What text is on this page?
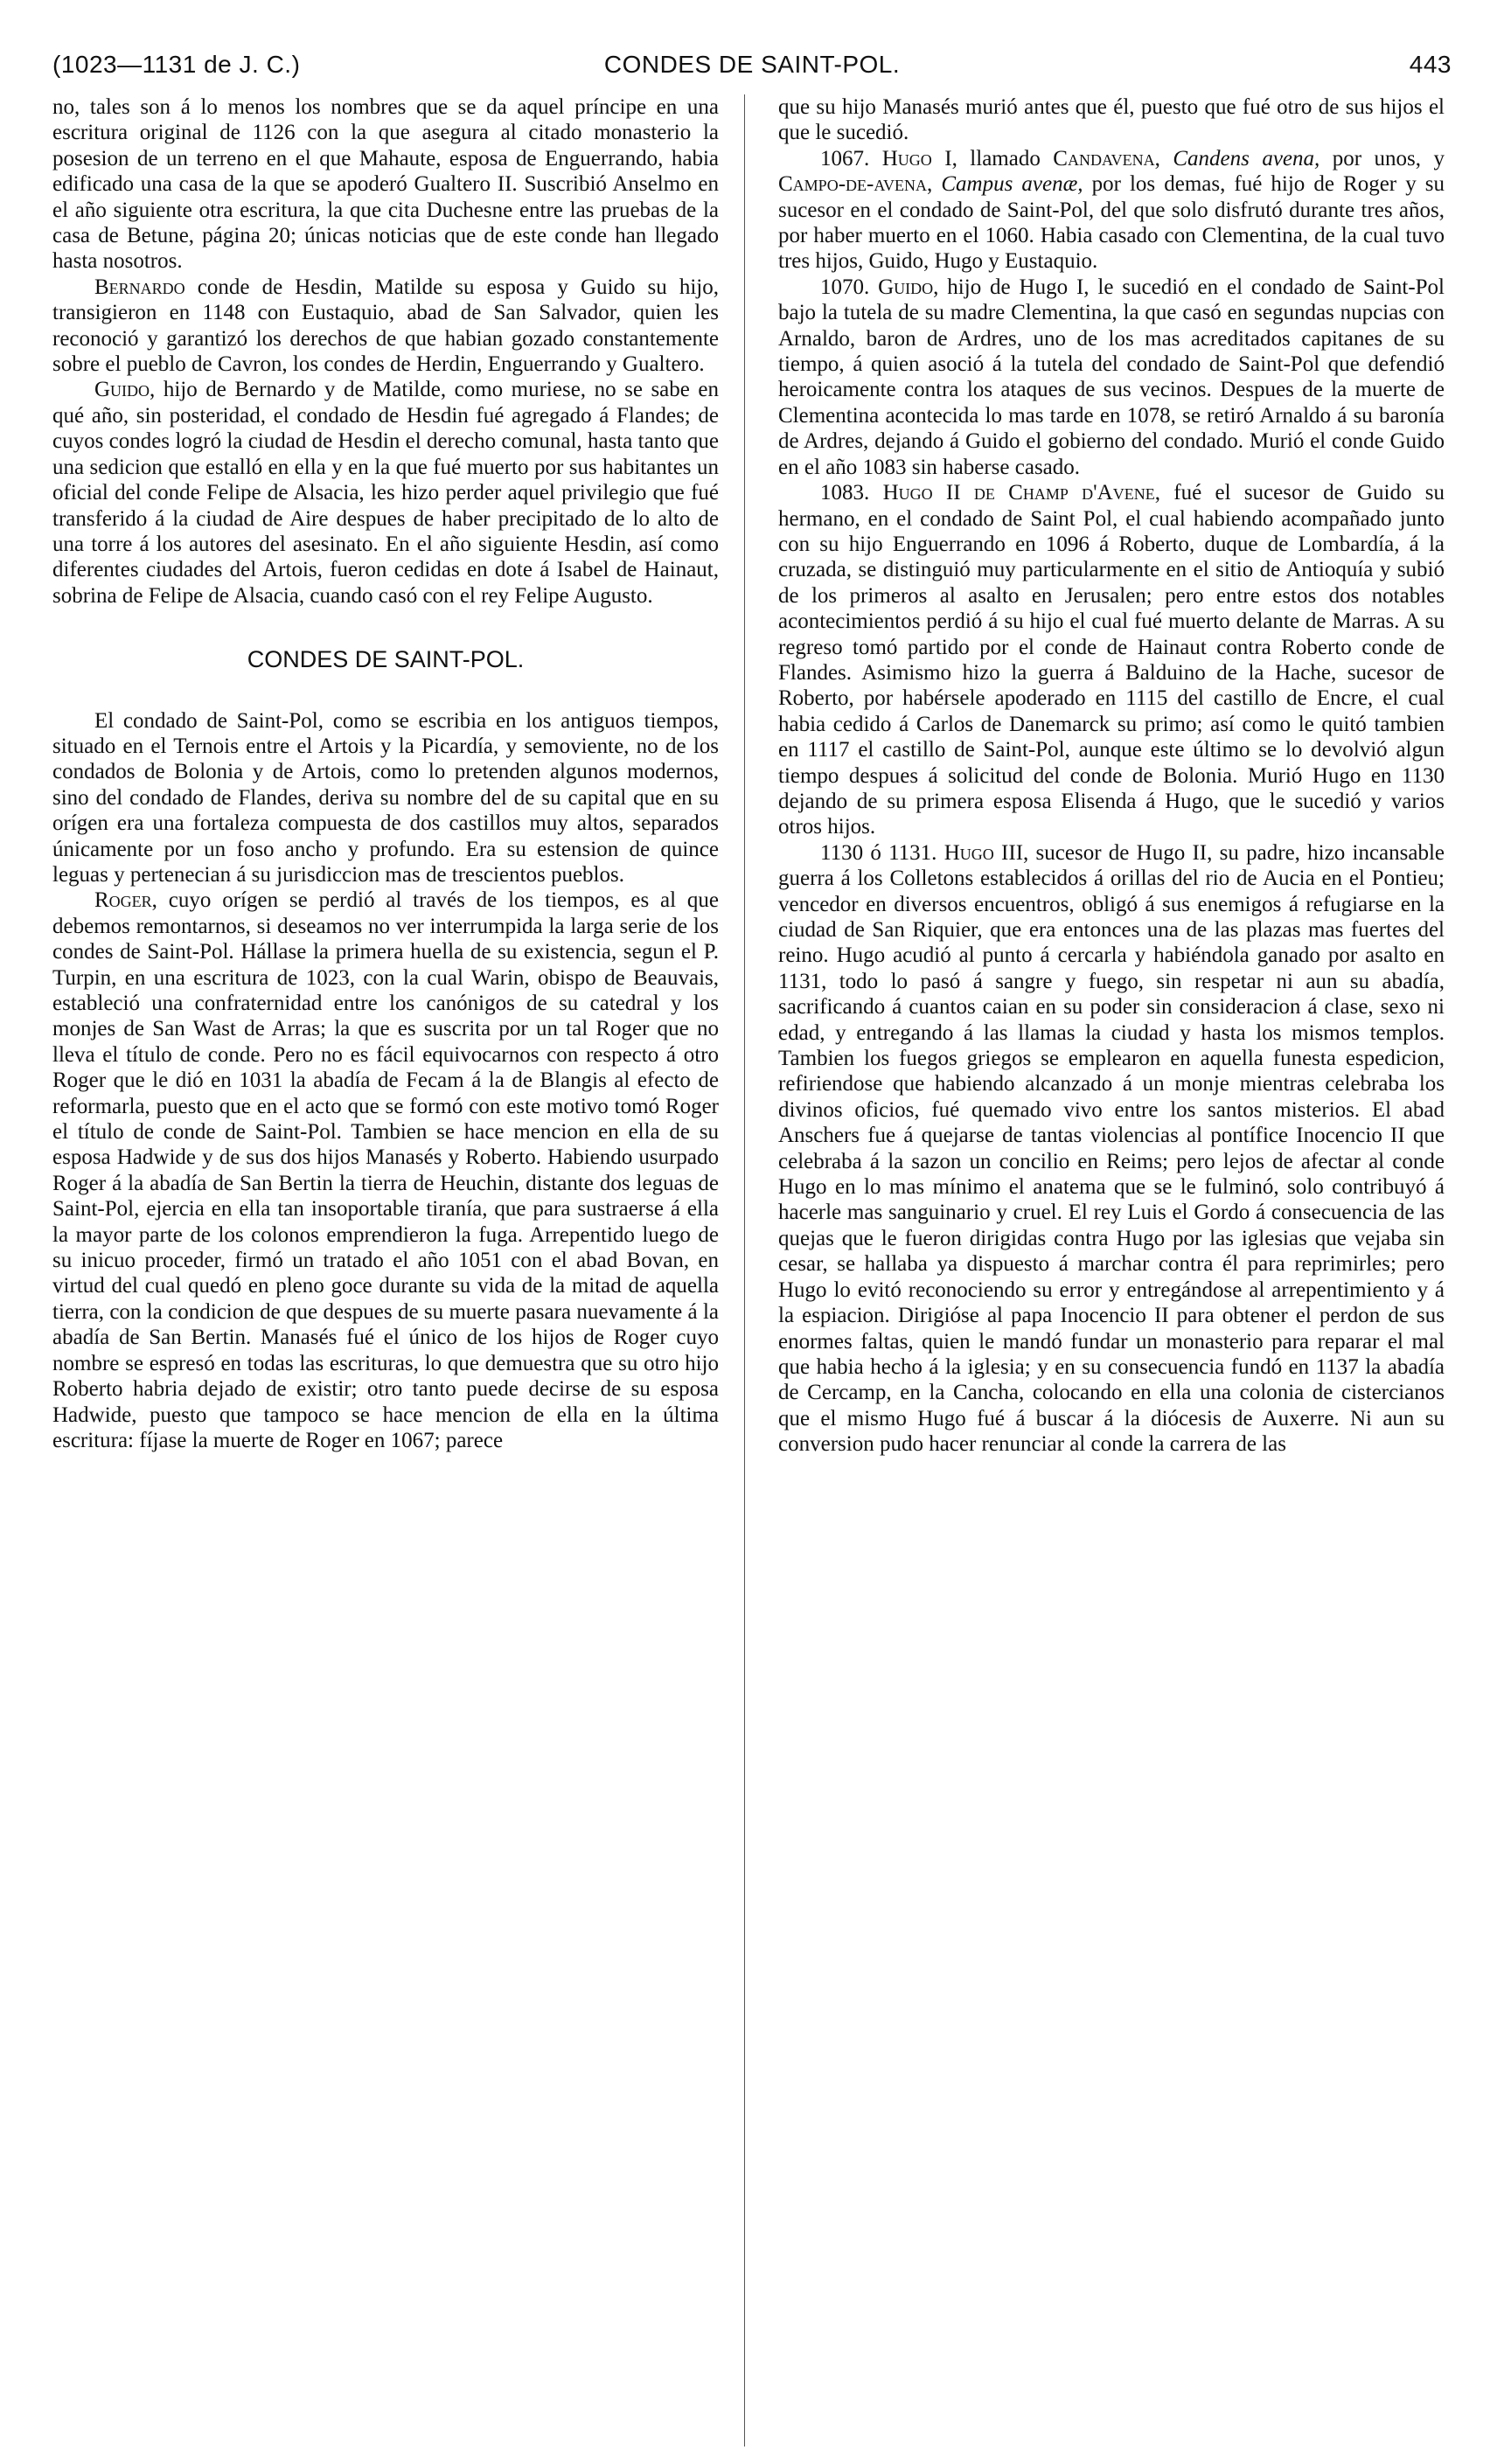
(1023—1131 de J. C.)	CONDES DE SAINT-POL.	443

no, tales son á lo menos los nombres que se da aquel príncipe en una escritura original de 1126 con la que asegura al citado monasterio la posesion de un terreno en el que Mahaute, esposa de Enguerrando, habia edificado una casa de la que se apoderó Gualtero II. Suscribió Anselmo en el año siguiente otra escritura, la que cita Duchesne entre las pruebas de la casa de Betune, página 20; únicas noticias que de este conde han llegado hasta nosotros.

Bernardo conde de Hesdin, Matilde su esposa y Guido su hijo, transigieron en 1148 con Eustaquio, abad de San Salvador, quien les reconoció y garantizó los derechos de que habian gozado constantemente sobre el pueblo de Cavron, los condes de Herdin, Enguerrando y Gualtero.

Guido, hijo de Bernardo y de Matilde, como muriese, no se sabe en qué año, sin posteridad, el condado de Hesdin fué agregado á Flandes; de cuyos condes logró la ciudad de Hesdin el derecho comunal, hasta tanto que una sedicion que estalló en ella y en la que fué muerto por sus habitantes un oficial del conde Felipe de Alsacia, les hizo perder aquel privilegio que fué transferido á la ciudad de Aire despues de haber precipitado de lo alto de una torre á los autores del asesinato. En el año siguiente Hesdin, así como diferentes ciudades del Artois, fueron cedidas en dote á Isabel de Hainaut, sobrina de Felipe de Alsacia, cuando casó con el rey Felipe Augusto.

CONDES DE SAINT-POL.

El condado de Saint-Pol, como se escribia en los antiguos tiempos, situado en el Ternois entre el Artois y la Picardía, y semoviente, no de los condados de Bolonia y de Artois, como lo pretenden algunos modernos, sino del condado de Flandes, deriva su nombre del de su capital que en su orígen era una fortaleza compuesta de dos castillos muy altos, separados únicamente por un foso ancho y profundo. Era su estension de quince leguas y pertenecian á su jurisdiccion mas de trescientos pueblos.

Roger, cuyo orígen se perdió al través de los tiempos, es al que debemos remontarnos, si deseamos no ver interrumpida la larga serie de los condes de Saint-Pol. Hállase la primera huella de su existencia, segun el P. Turpin, en una escritura de 1023, con la cual Warin, obispo de Beauvais, estableció una confraternidad entre los canónigos de su catedral y los monjes de San Wast de Arras; la que es suscrita por un tal Roger que no lleva el título de conde. Pero no es fácil equivocarnos con respecto á otro Roger que le dió en 1031 la abadía de Fecam á la de Blangis al efecto de reformarla, puesto que en el acto que se formó con este motivo tomó Roger el título de conde de Saint-Pol. Tambien se hace mencion en ella de su esposa Hadwide y de sus dos hijos Manasés y Roberto. Habiendo usurpado Roger á la abadía de San Bertin la tierra de Heuchin, distante dos leguas de Saint-Pol, ejercia en ella tan insoportable tiranía, que para sustraerse á ella la mayor parte de los colonos emprendieron la fuga. Arrepentido luego de su inicuo proceder, firmó un tratado el año 1051 con el abad Bovan, en virtud del cual quedó en pleno goce durante su vida de la mitad de aquella tierra, con la condicion de que despues de su muerte pasara nuevamente á la abadía de San Bertin. Manasés fué el único de los hijos de Roger cuyo nombre se espresó en todas las escrituras, lo que demuestra que su otro hijo Roberto habria dejado de existir; otro tanto puede decirse de su esposa Hadwide, puesto que tampoco se hace mencion de ella en la última escritura: fíjase la muerte de Roger en 1067; parece

que su hijo Manasés murió antes que él, puesto que fué otro de sus hijos el que le sucedió.

1067. Hugo I, llamado Candavena, Candens avena, por unos, y Campo-de-avena, Campus avenæ, por los demas, fué hijo de Roger y su sucesor en el condado de Saint-Pol, del que solo disfrutó durante tres años, por haber muerto en el 1060. Habia casado con Clementina, de la cual tuvo tres hijos, Guido, Hugo y Eustaquio.

1070. Guido, hijo de Hugo I, le sucedió en el condado de Saint-Pol bajo la tutela de su madre Clementina, la que casó en segundas nupcias con Arnaldo, baron de Ardres, uno de los mas acreditados capitanes de su tiempo, á quien asoció á la tutela del condado de Saint-Pol que defendió heroicamente contra los ataques de sus vecinos. Despues de la muerte de Clementina acontecida lo mas tarde en 1078, se retiró Arnaldo á su baronía de Ardres, dejando á Guido el gobierno del condado. Murió el conde Guido en el año 1083 sin haberse casado.

1083. Hugo II de Champ d'Avene, fué el sucesor de Guido su hermano, en el condado de Saint Pol, el cual habiendo acompañado junto con su hijo Enguerrando en 1096 á Roberto, duque de Lombardía, á la cruzada, se distinguió muy particularmente en el sitio de Antioquía y subió de los primeros al asalto en Jerusalen; pero entre estos dos notables acontecimientos perdió á su hijo el cual fué muerto delante de Marras. A su regreso tomó partido por el conde de Hainaut contra Roberto conde de Flandes. Asimismo hizo la guerra á Balduino de la Hache, sucesor de Roberto, por habérsele apoderado en 1115 del castillo de Encre, el cual habia cedido á Carlos de Danemarck su primo; así como le quitó tambien en 1117 el castillo de Saint-Pol, aunque este último se lo devolvió algun tiempo despues á solicitud del conde de Bolonia. Murió Hugo en 1130 dejando de su primera esposa Elisenda á Hugo, que le sucedió y varios otros hijos.

1130 ó 1131. Hugo III, sucesor de Hugo II, su padre, hizo incansable guerra á los Colletons establecidos á orillas del rio de Aucia en el Pontieu; vencedor en diversos encuentros, obligó á sus enemigos á refugiarse en la ciudad de San Riquier, que era entonces una de las plazas mas fuertes del reino. Hugo acudió al punto á cercarla y habiéndola ganado por asalto en 1131, todo lo pasó á sangre y fuego, sin respetar ni aun su abadía, sacrificando á cuantos caian en su poder sin consideracion á clase, sexo ni edad, y entregando á las llamas la ciudad y hasta los mismos templos. Tambien los fuegos griegos se emplearon en aquella funesta espedicion, refiriendose que habiendo alcanzado á un monje mientras celebraba los divinos oficios, fué quemado vivo entre los santos misterios. El abad Anschers fue á quejarse de tantas violencias al pontífice Inocencio II que celebraba á la sazon un concilio en Reims; pero lejos de afectar al conde Hugo en lo mas mínimo el anatema que se le fulminó, solo contribuyó á hacerle mas sanguinario y cruel. El rey Luis el Gordo á consecuencia de las quejas que le fueron dirigidas contra Hugo por las iglesias que vejaba sin cesar, se hallaba ya dispuesto á marchar contra él para reprimirles; pero Hugo lo evitó reconociendo su error y entregándose al arrepentimiento y á la espiacion. Dirigióse al papa Inocencio II para obtener el perdon de sus enormes faltas, quien le mandó fundar un monasterio para reparar el mal que habia hecho á la iglesia; y en su consecuencia fundó en 1137 la abadía de Cercamp, en la Cancha, colocando en ella una colonia de cistercianos que el mismo Hugo fué á buscar á la diócesis de Auxerre. Ni aun su conversion pudo hacer renunciar al conde la carrera de las
